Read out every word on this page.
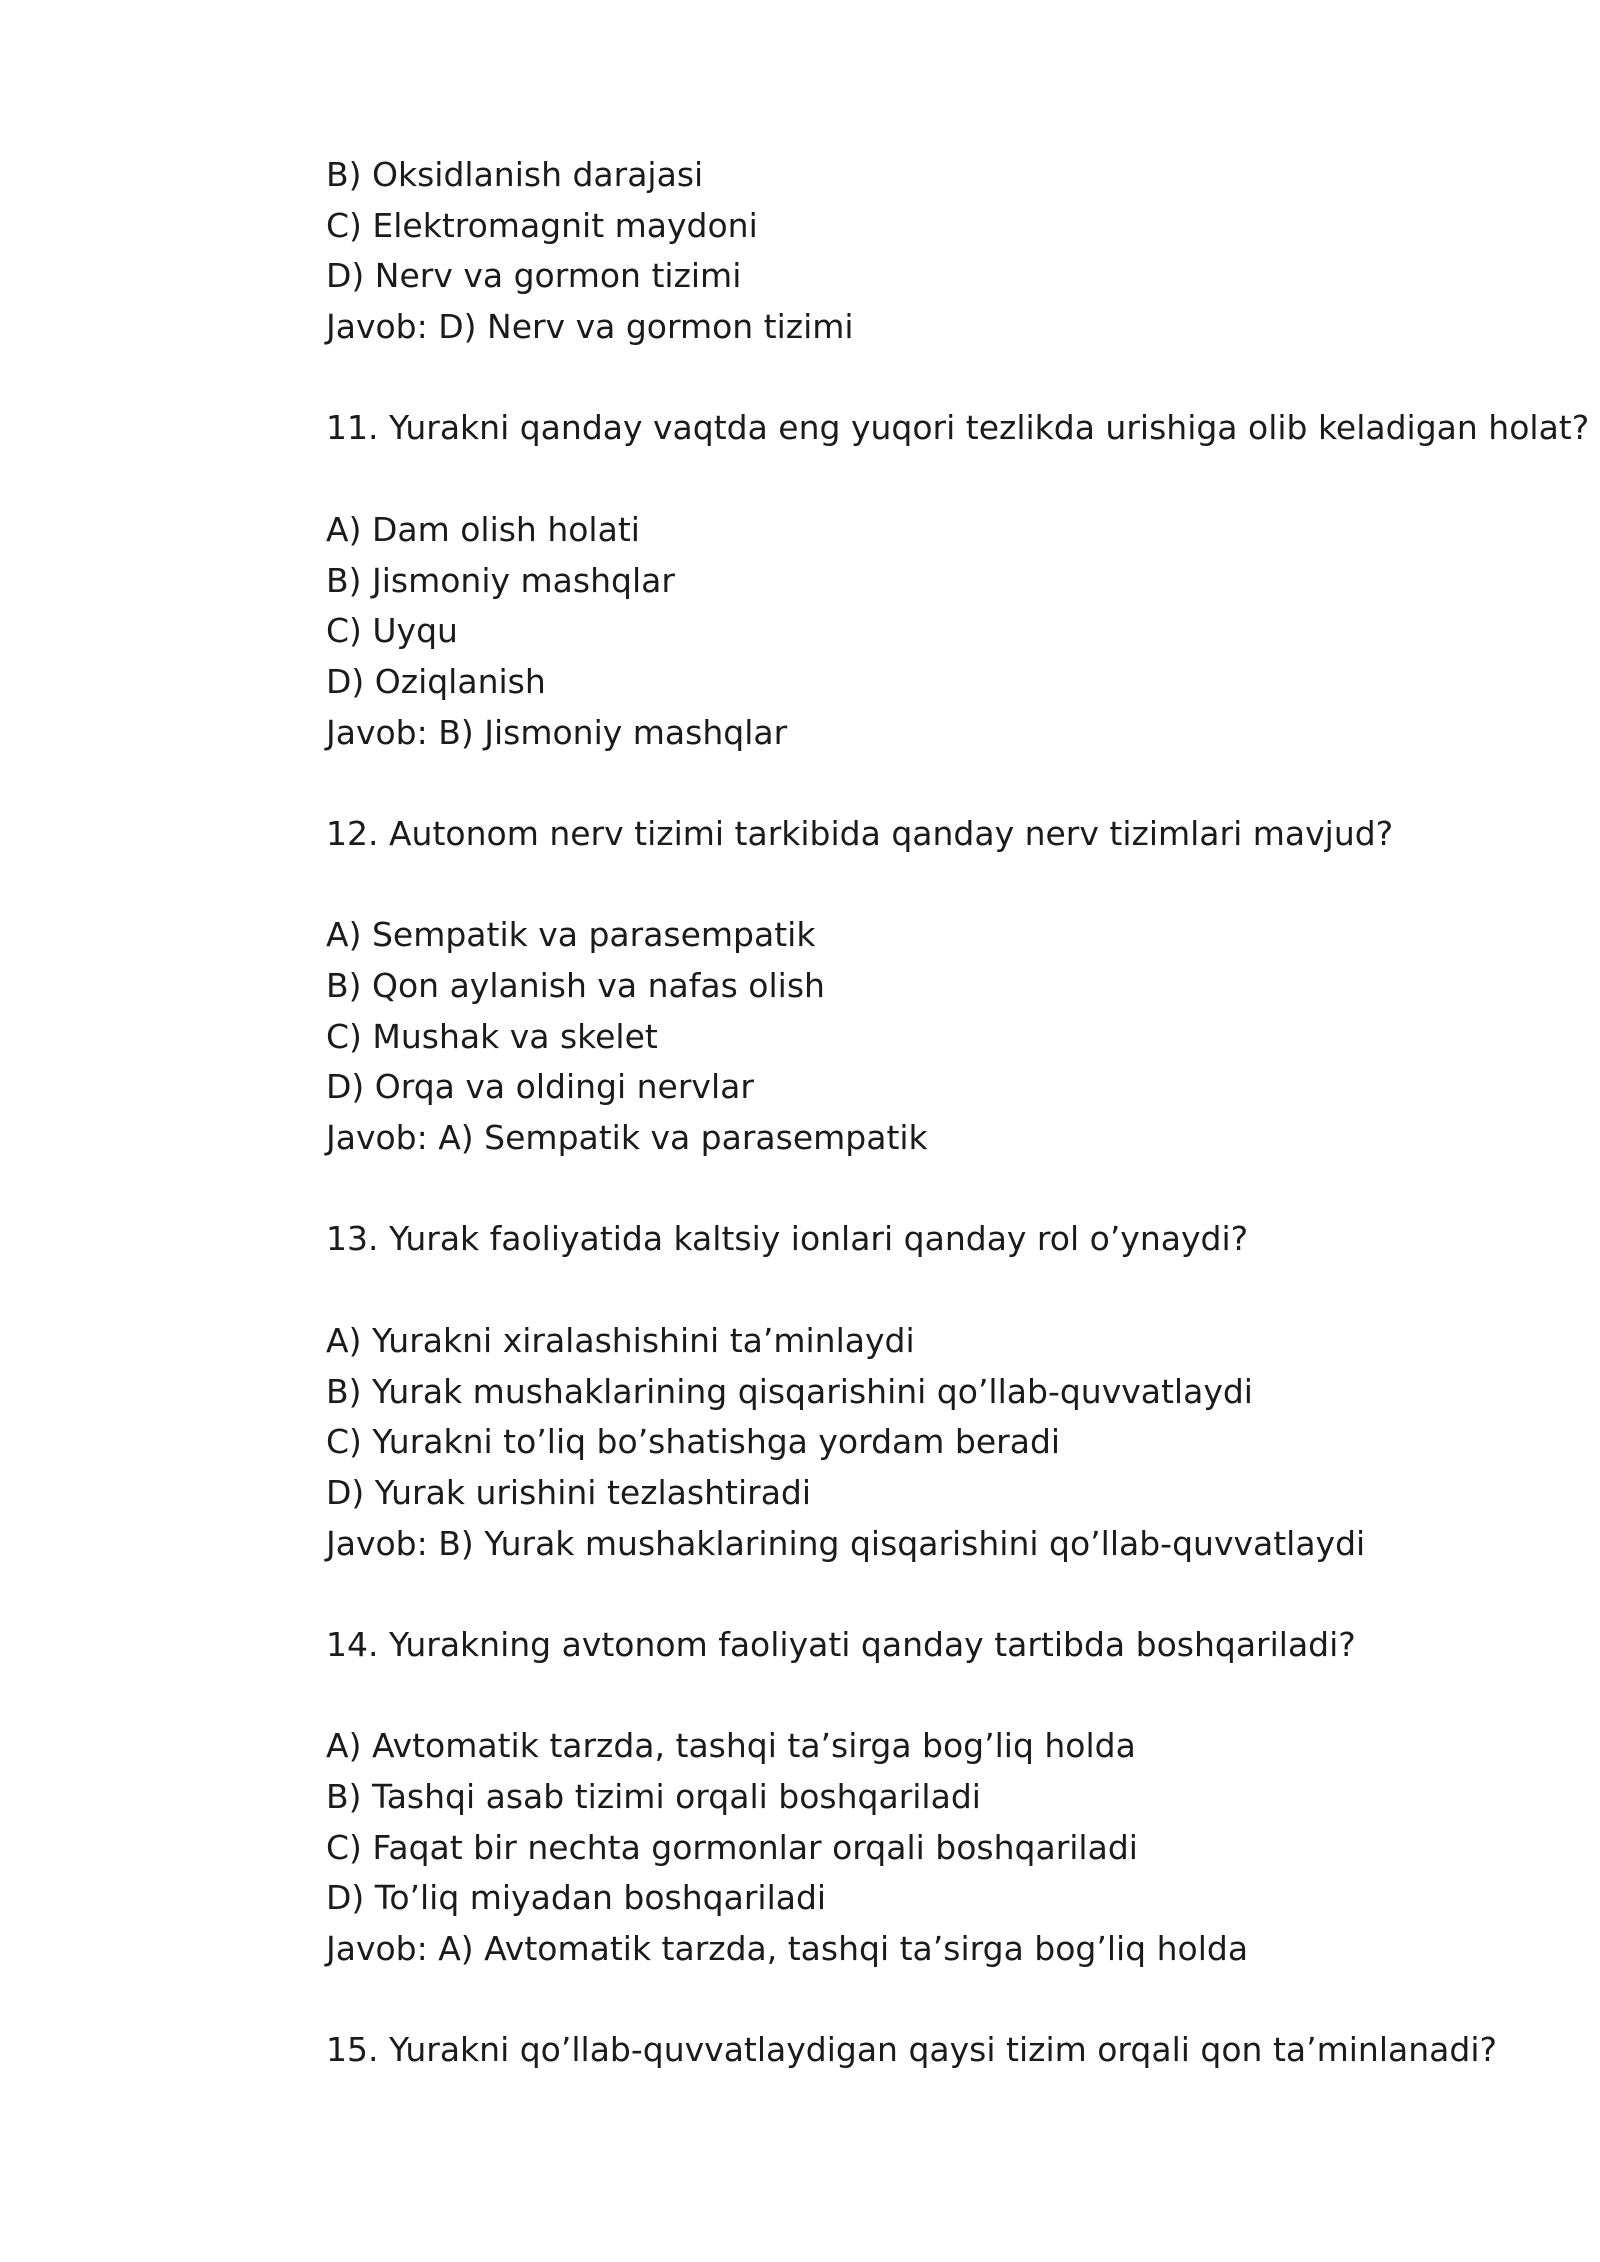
B) Oksidlanish darajasi
C) Elektromagnit maydoni
D) Nerv va gormon tizimi
Javob: D) Nerv va gormon tizimi
11. Yurakni qanday vaqtda eng yuqori tezlikda urishiga olib keladigan holat?
A) Dam olish holati
B) Jismoniy mashqlar
C) Uyqu
D) Oziqlanish
Javob: B) Jismoniy mashqlar
12. Autonom nerv tizimi tarkibida qanday nerv tizimlari mavjud?
A) Sempatik va parasempatik
B) Qon aylanish va nafas olish
C) Mushak va skelet
D) Orqa va oldingi nervlar
Javob: A) Sempatik va parasempatik
13. Yurak faoliyatida kaltsiy ionlari qanday rol o’ynaydi?
A) Yurakni xiralashishini ta’minlaydi
B) Yurak mushaklarining qisqarishini qo’llab-quvvatlaydi
C) Yurakni to’liq bo’shatishga yordam beradi
D) Yurak urishini tezlashtiradi
Javob: B) Yurak mushaklarining qisqarishini qo’llab-quvvatlaydi
14. Yurakning avtonom faoliyati qanday tartibda boshqariladi?
A) Avtomatik tarzda, tashqi ta’sirga bog’liq holda
B) Tashqi asab tizimi orqali boshqariladi
C) Faqat bir nechta gormonlar orqali boshqariladi
D) To’liq miyadan boshqariladi
Javob: A) Avtomatik tarzda, tashqi ta’sirga bog’liq holda
15. Yurakni qo’llab-quvvatlaydigan qaysi tizim orqali qon ta’minlanadi?
